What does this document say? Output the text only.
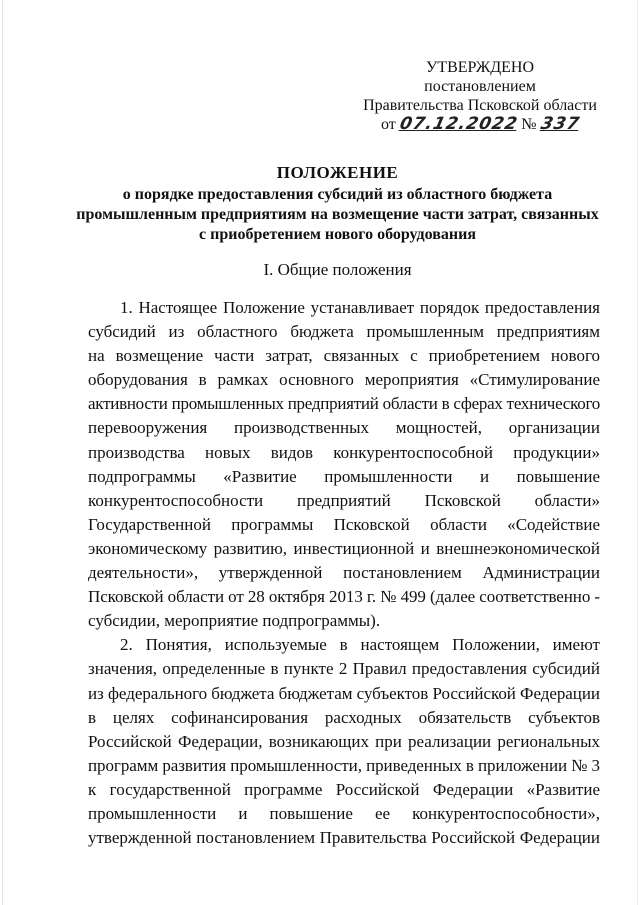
УТВЕРЖДЕНО
постановлением
Правительства Псковской области
от 07.12.2022 № 337
ПОЛОЖЕНИЕ
о порядке предоставления субсидий из областного бюджета
промышленным предприятиям на возмещение части затрат, связанных
с приобретением нового оборудования
I. Общие положения
1. Настоящее Положение устанавливает порядок предоставления
субсидий из областного бюджета промышленным предприятиям
на возмещение части затрат, связанных с приобретением нового
оборудования в рамках основного мероприятия «Стимулирование
активности промышленных предприятий области в сферах технического
перевооружения производственных мощностей, организации
производства новых видов конкурентоспособной продукции»
подпрограммы «Развитие промышленности и повышение
конкурентоспособности предприятий Псковской области»
Государственной программы Псковской области «Содействие
экономическому развитию, инвестиционной и внешнеэкономической
деятельности», утвержденной постановлением Администрации
Псковской области от 28 октября 2013 г. № 499 (далее соответственно -
субсидии, мероприятие подпрограммы).
2. Понятия, используемые в настоящем Положении, имеют
значения, определенные в пункте 2 Правил предоставления субсидий
из федерального бюджета бюджетам субъектов Российской Федерации
в целях софинансирования расходных обязательств субъектов
Российской Федерации, возникающих при реализации региональных
программ развития промышленности, приведенных в приложении № 3
к государственной программе Российской Федерации «Развитие
промышленности и повышение ее конкурентоспособности»,
утвержденной постановлением Правительства Российской Федерации
